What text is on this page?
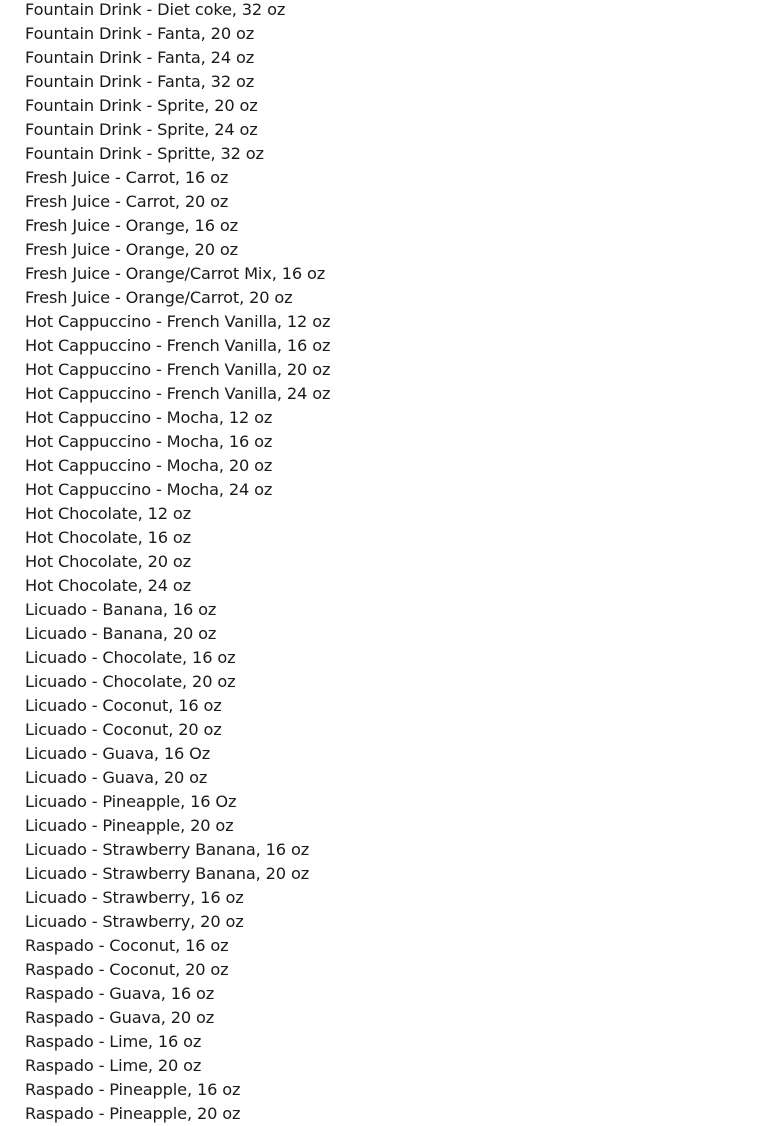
Fountain Drink - Diet coke, 32 oz
Fountain Drink - Fanta, 20 oz
Fountain Drink - Fanta, 24 oz
Fountain Drink - Fanta, 32 oz
Fountain Drink - Sprite, 20 oz
Fountain Drink - Sprite, 24 oz
Fountain Drink - Spritte, 32 oz
Fresh Juice - Carrot, 16 oz
Fresh Juice - Carrot, 20 oz
Fresh Juice - Orange, 16 oz
Fresh Juice - Orange, 20 oz
Fresh Juice - Orange/Carrot Mix, 16 oz
Fresh Juice - Orange/Carrot, 20 oz
Hot Cappuccino - French Vanilla, 12 oz
Hot Cappuccino - French Vanilla, 16 oz
Hot Cappuccino - French Vanilla, 20 oz
Hot Cappuccino - French Vanilla, 24 oz
Hot Cappuccino - Mocha, 12 oz
Hot Cappuccino - Mocha, 16 oz
Hot Cappuccino - Mocha, 20 oz
Hot Cappuccino - Mocha, 24 oz
Hot Chocolate, 12 oz
Hot Chocolate, 16 oz
Hot Chocolate, 20 oz
Hot Chocolate, 24 oz
Licuado - Banana, 16 oz
Licuado - Banana, 20 oz
Licuado - Chocolate, 16 oz
Licuado - Chocolate, 20 oz
Licuado - Coconut, 16 oz
Licuado - Coconut, 20 oz
Licuado - Guava, 16 Oz
Licuado - Guava, 20 oz
Licuado - Pineapple, 16 Oz
Licuado - Pineapple, 20 oz
Licuado - Strawberry Banana, 16 oz
Licuado - Strawberry Banana, 20 oz
Licuado - Strawberry, 16 oz
Licuado - Strawberry, 20 oz
Raspado - Coconut, 16 oz
Raspado - Coconut, 20 oz
Raspado - Guava, 16 oz
Raspado - Guava, 20 oz
Raspado - Lime, 16 oz
Raspado - Lime, 20 oz
Raspado - Pineapple, 16 oz
Raspado - Pineapple, 20 oz
